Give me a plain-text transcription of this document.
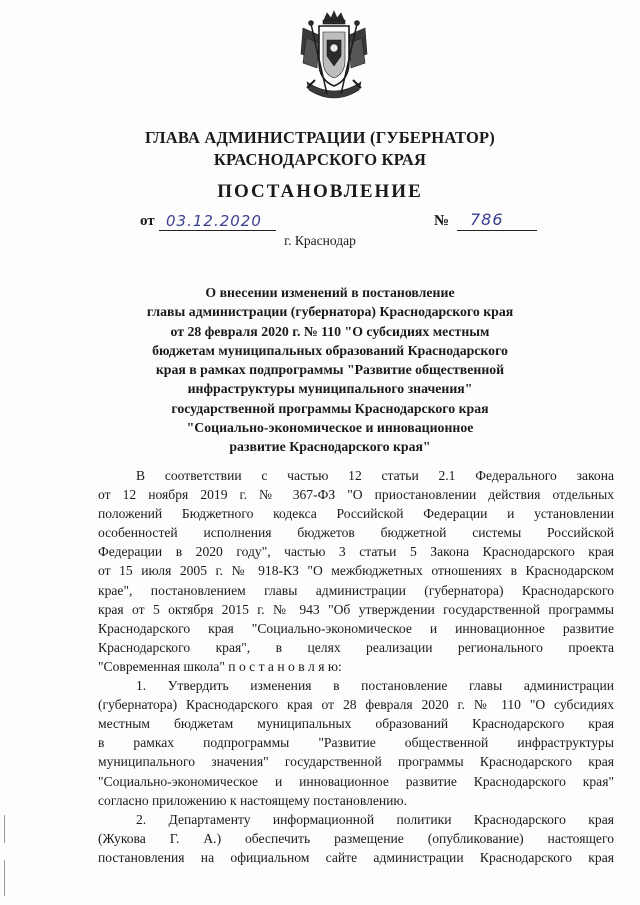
ГЛАВА АДМИНИСТРАЦИИ (ГУБЕРНАТОР)
КРАСНОДАРСКОГО КРАЯ
ПОСТАНОВЛЕНИЕ
от 03.12.2020	№ 786
г. Краснодар
О внесении изменений в постановление
главы администрации (губернатора) Краснодарского края
от 28 февраля 2020 г. № 110 "О субсидиях местным
бюджетам муниципальных образований Краснодарского
края в рамках подпрограммы "Развитие общественной
инфраструктуры муниципального значения"
государственной программы Краснодарского края
"Социально-экономическое и инновационное
развитие Краснодарского края"
В соответствии с частью 12 статьи 2.1 Федерального закона
от 12 ноября 2019 г. № 367-ФЗ "О приостановлении действия отдельных
положений Бюджетного кодекса Российской Федерации и установлении
особенностей исполнения бюджетов бюджетной системы Российской
Федерации в 2020 году", частью 3 статьи 5 Закона Краснодарского края
от 15 июля 2005 г. № 918-КЗ "О межбюджетных отношениях в Краснодарском
крае", постановлением главы администрации (губернатора) Краснодарского
края от 5 октября 2015 г. № 943 "Об утверждении государственной программы
Краснодарского края "Социально-экономическое и инновационное развитие
Краснодарского края", в целях реализации регионального проекта
"Современная школа" п о с т а н о в л я ю:
1. Утвердить изменения в постановление главы администрации
(губернатора) Краснодарского края от 28 февраля 2020 г. № 110 "О субсидиях
местным бюджетам муниципальных образований Краснодарского края
в рамках подпрограммы "Развитие общественной инфраструктуры
муниципального значения" государственной программы Краснодарского края
"Социально-экономическое и инновационное развитие Краснодарского края"
согласно приложению к настоящему постановлению.
2. Департаменту информационной политики Краснодарского края
(Жукова Г. А.) обеспечить размещение (опубликование) настоящего
постановления на официальном сайте администрации Краснодарского края
